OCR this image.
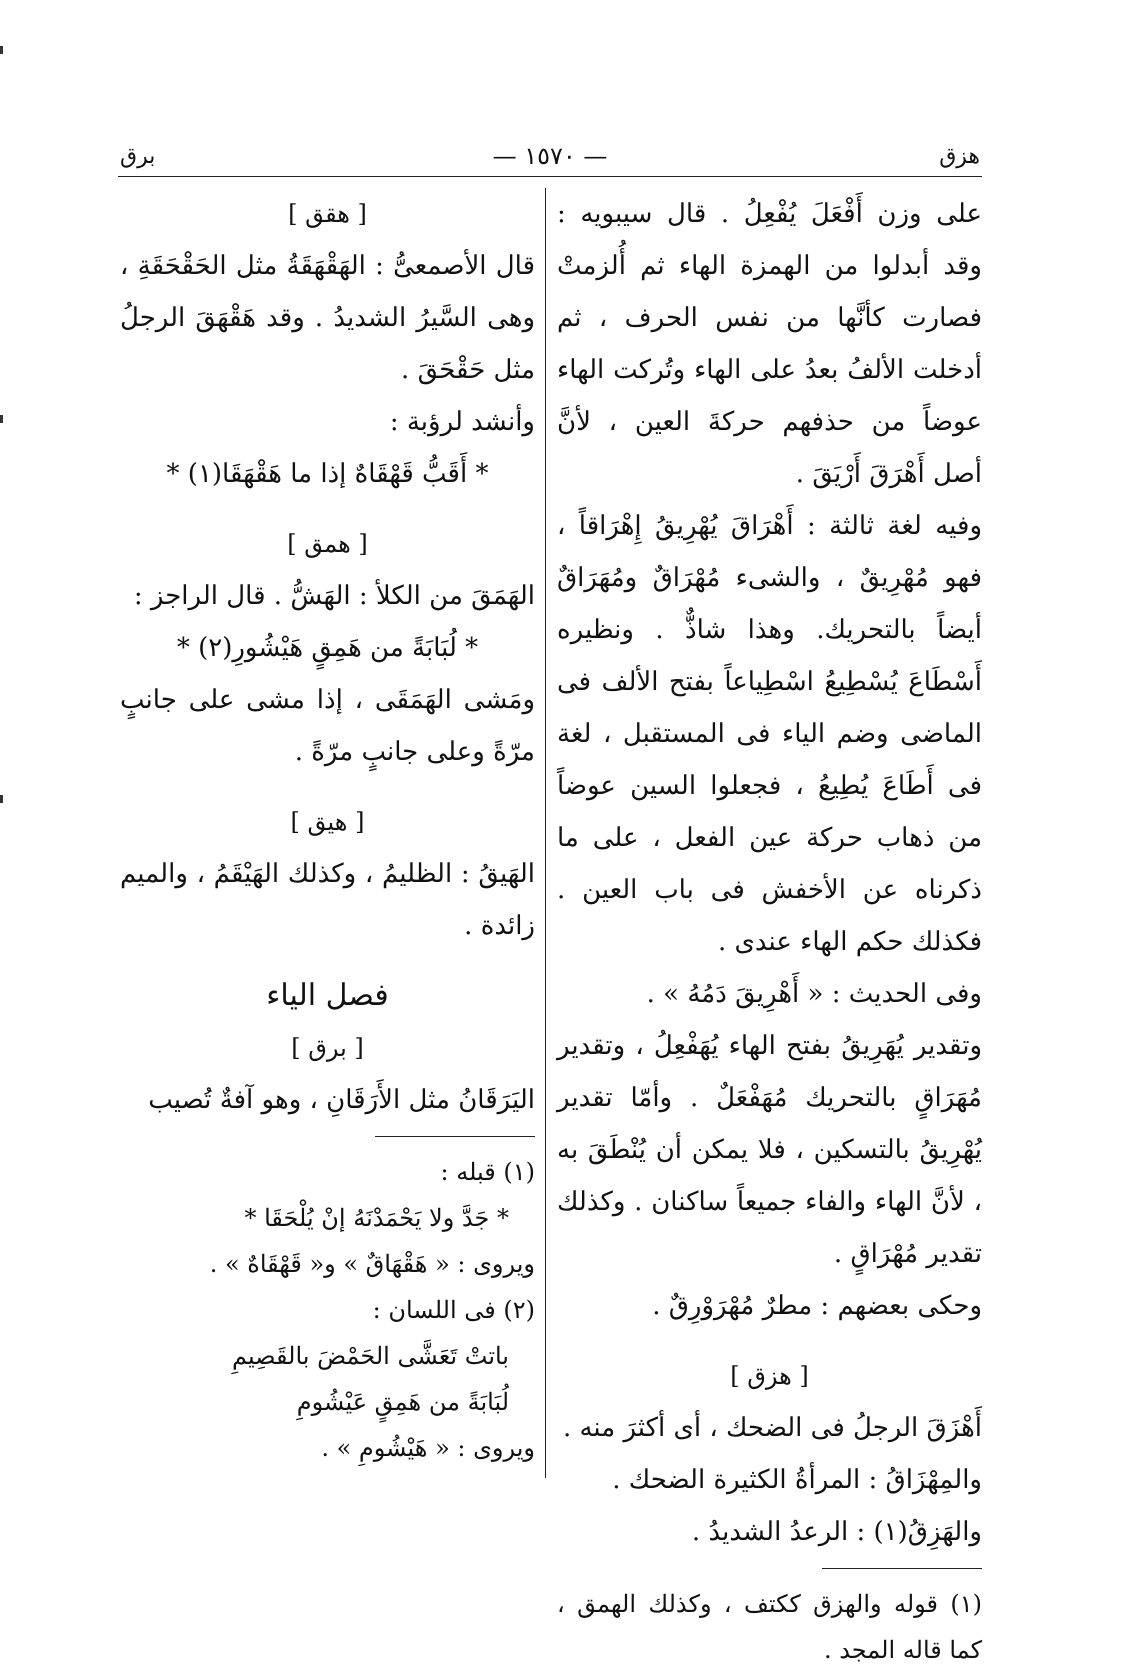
هزق
— ١٥٧٠ —
برق

على وزن أَفْعَلَ يُفْعِلُ . قال سيبويه : وقد أبدلوا من الهمزة الهاء ثم أُلزمتْ فصارت كأنَّها من نفس الحرف ، ثم أدخلت الألفُ بعدُ على الهاء وتُركت الهاء عوضاً من حذفهم حركةَ العين ، لأنَّ أصل أَهْرَقَ أَرْيَقَ .

وفيه لغة ثالثة : أَهْرَاقَ يُهْرِيقُ إِهْرَاقاً ، فهو مُهْرِيقٌ ، والشىء مُهْرَاقٌ ومُهَرَاقٌ أيضاً بالتحريك. وهذا شاذٌّ . ونظيره أَسْطَاعَ يُسْطِيعُ اسْطِياعاً بفتح الألف فى الماضى وضم الياء فى المستقبل ، لغة فى أَطَاعَ يُطِيعُ ، فجعلوا السين عوضاً من ذهاب حركة عين الفعل ، على ما ذكرناه عن الأخفش فى باب العين . فكذلك حكم الهاء عندى .

وفى الحديث : « أَهْرِيقَ دَمُهُ » .

وتقدير يُهَرِيقُ بفتح الهاء يُهَفْعِلُ ، وتقدير مُهَرَاقٍ بالتحريك مُهَفْعَلٌ . وأمّا تقدير يُهْرِيقُ بالتسكين ، فلا يمكن أن يُنْطَقَ به ، لأنَّ الهاء والفاء جميعاً ساكنان . وكذلك تقدير مُهْرَاقٍ .

وحكى بعضهم : مطرٌ مُهْرَوْرِقٌ .

[ هزق ]

أَهْزَقَ الرجلُ فى الضحك ، أى أكثرَ منه .

والمِهْزَاقُ : المرأةُ الكثيرة الضحك .

والهَزِقُ(١) : الرعدُ الشديدُ .

(١) قوله والهزق ككتف ، وكذلك الهمق ، كما قاله المجد .

[ هقق ]

قال الأصمعىُّ : الهَقْهَقَةُ مثل الحَقْحَقَةِ ، وهى السَّيرُ الشديدُ . وقد هَقْهَقَ الرجلُ مثل حَقْحَقَ .

وأنشد لرؤبة :

* أَقَبُّ قَهْقَاهٌ إذا ما هَقْهَقَا(١) *

[ همق ]

الهَمَقَ من الكلأ : الهَشُّ . قال الراجز :

* لُبَابَةً من هَمِقٍ هَيْشُورِ(٢) *

ومَشى الهَمَقَى ، إذا مشى على جانبٍ مرّةً وعلى جانبٍ مرّةً .

[ هيق ]

الهَيقُ : الظليمُ ، وكذلك الهَيْقَمُ ، والميم زائدة .

فصل الياء

[ برق ]

اليَرَقَانُ مثل الأَرَقَانِ ، وهو آفةٌ تُصيب

(١) قبله :

* جَدَّ ولا يَحْمَدْنَهُ إنْ يُلْحَقَا *

ويروى : « هَقْهَاقٌ » و« قَهْقَاهٌ » .

(٢) فى اللسان :

باتتْ تَعَشَّى الحَمْضَ بالقَصِيمِ

لُبَابَةً من هَمِقٍ عَيْشُومِ

ويروى : « هَيْشُومِ » .
